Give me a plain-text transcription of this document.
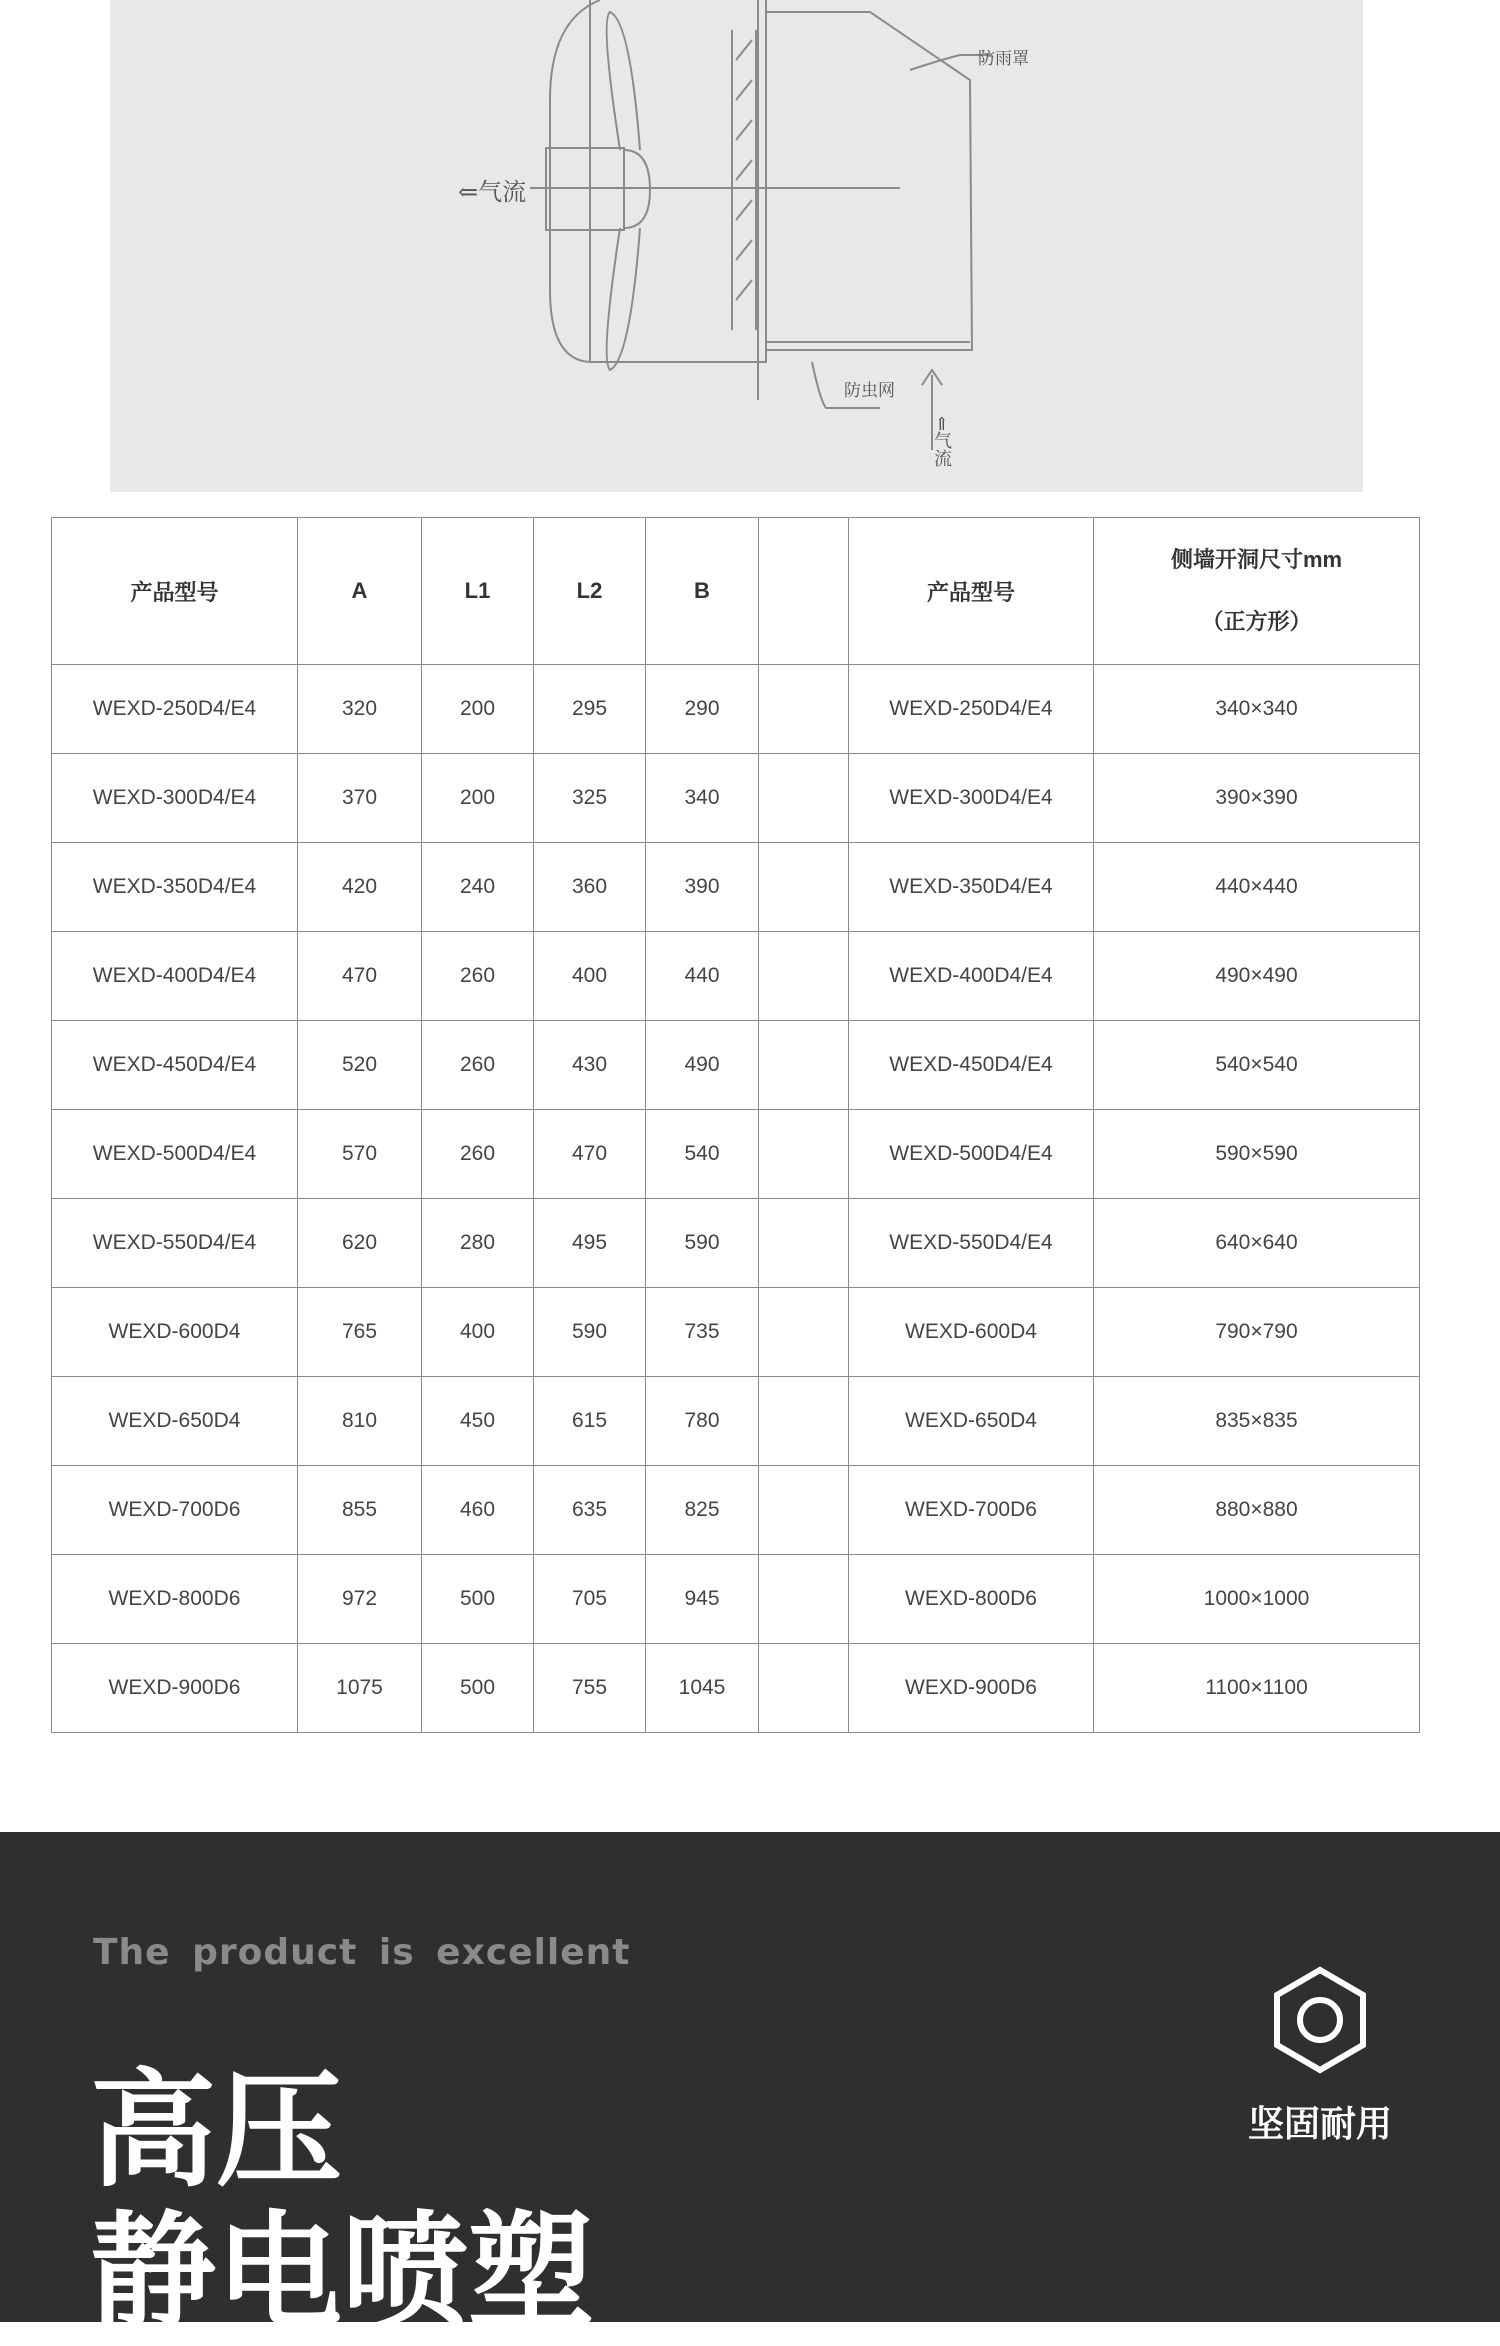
⇐气流
防雨罩
防虫网
⇐气流
产品型号	A	L1	L2	B		产品型号	侧墙开洞尺寸mm
（正方形）

WEXD-250D4/E4	320	200	295	290		WEXD-250D4/E4	340×340
WEXD-300D4/E4	370	200	325	340		WEXD-300D4/E4	390×390
WEXD-350D4/E4	420	240	360	390		WEXD-350D4/E4	440×440
WEXD-400D4/E4	470	260	400	440		WEXD-400D4/E4	490×490
WEXD-450D4/E4	520	260	430	490		WEXD-450D4/E4	540×540
WEXD-500D4/E4	570	260	470	540		WEXD-500D4/E4	590×590
WEXD-550D4/E4	620	280	495	590		WEXD-550D4/E4	640×640
WEXD-600D4	765	400	590	735		WEXD-600D4	790×790
WEXD-650D4	810	450	615	780		WEXD-650D4	835×835
WEXD-700D6	855	460	635	825		WEXD-700D6	880×880
WEXD-800D6	972	500	705	945		WEXD-800D6	1000×1000
WEXD-900D6	1075	500	755	1045		WEXD-900D6	1100×1100
The product is excellent
高压
静电喷塑
坚固耐用
